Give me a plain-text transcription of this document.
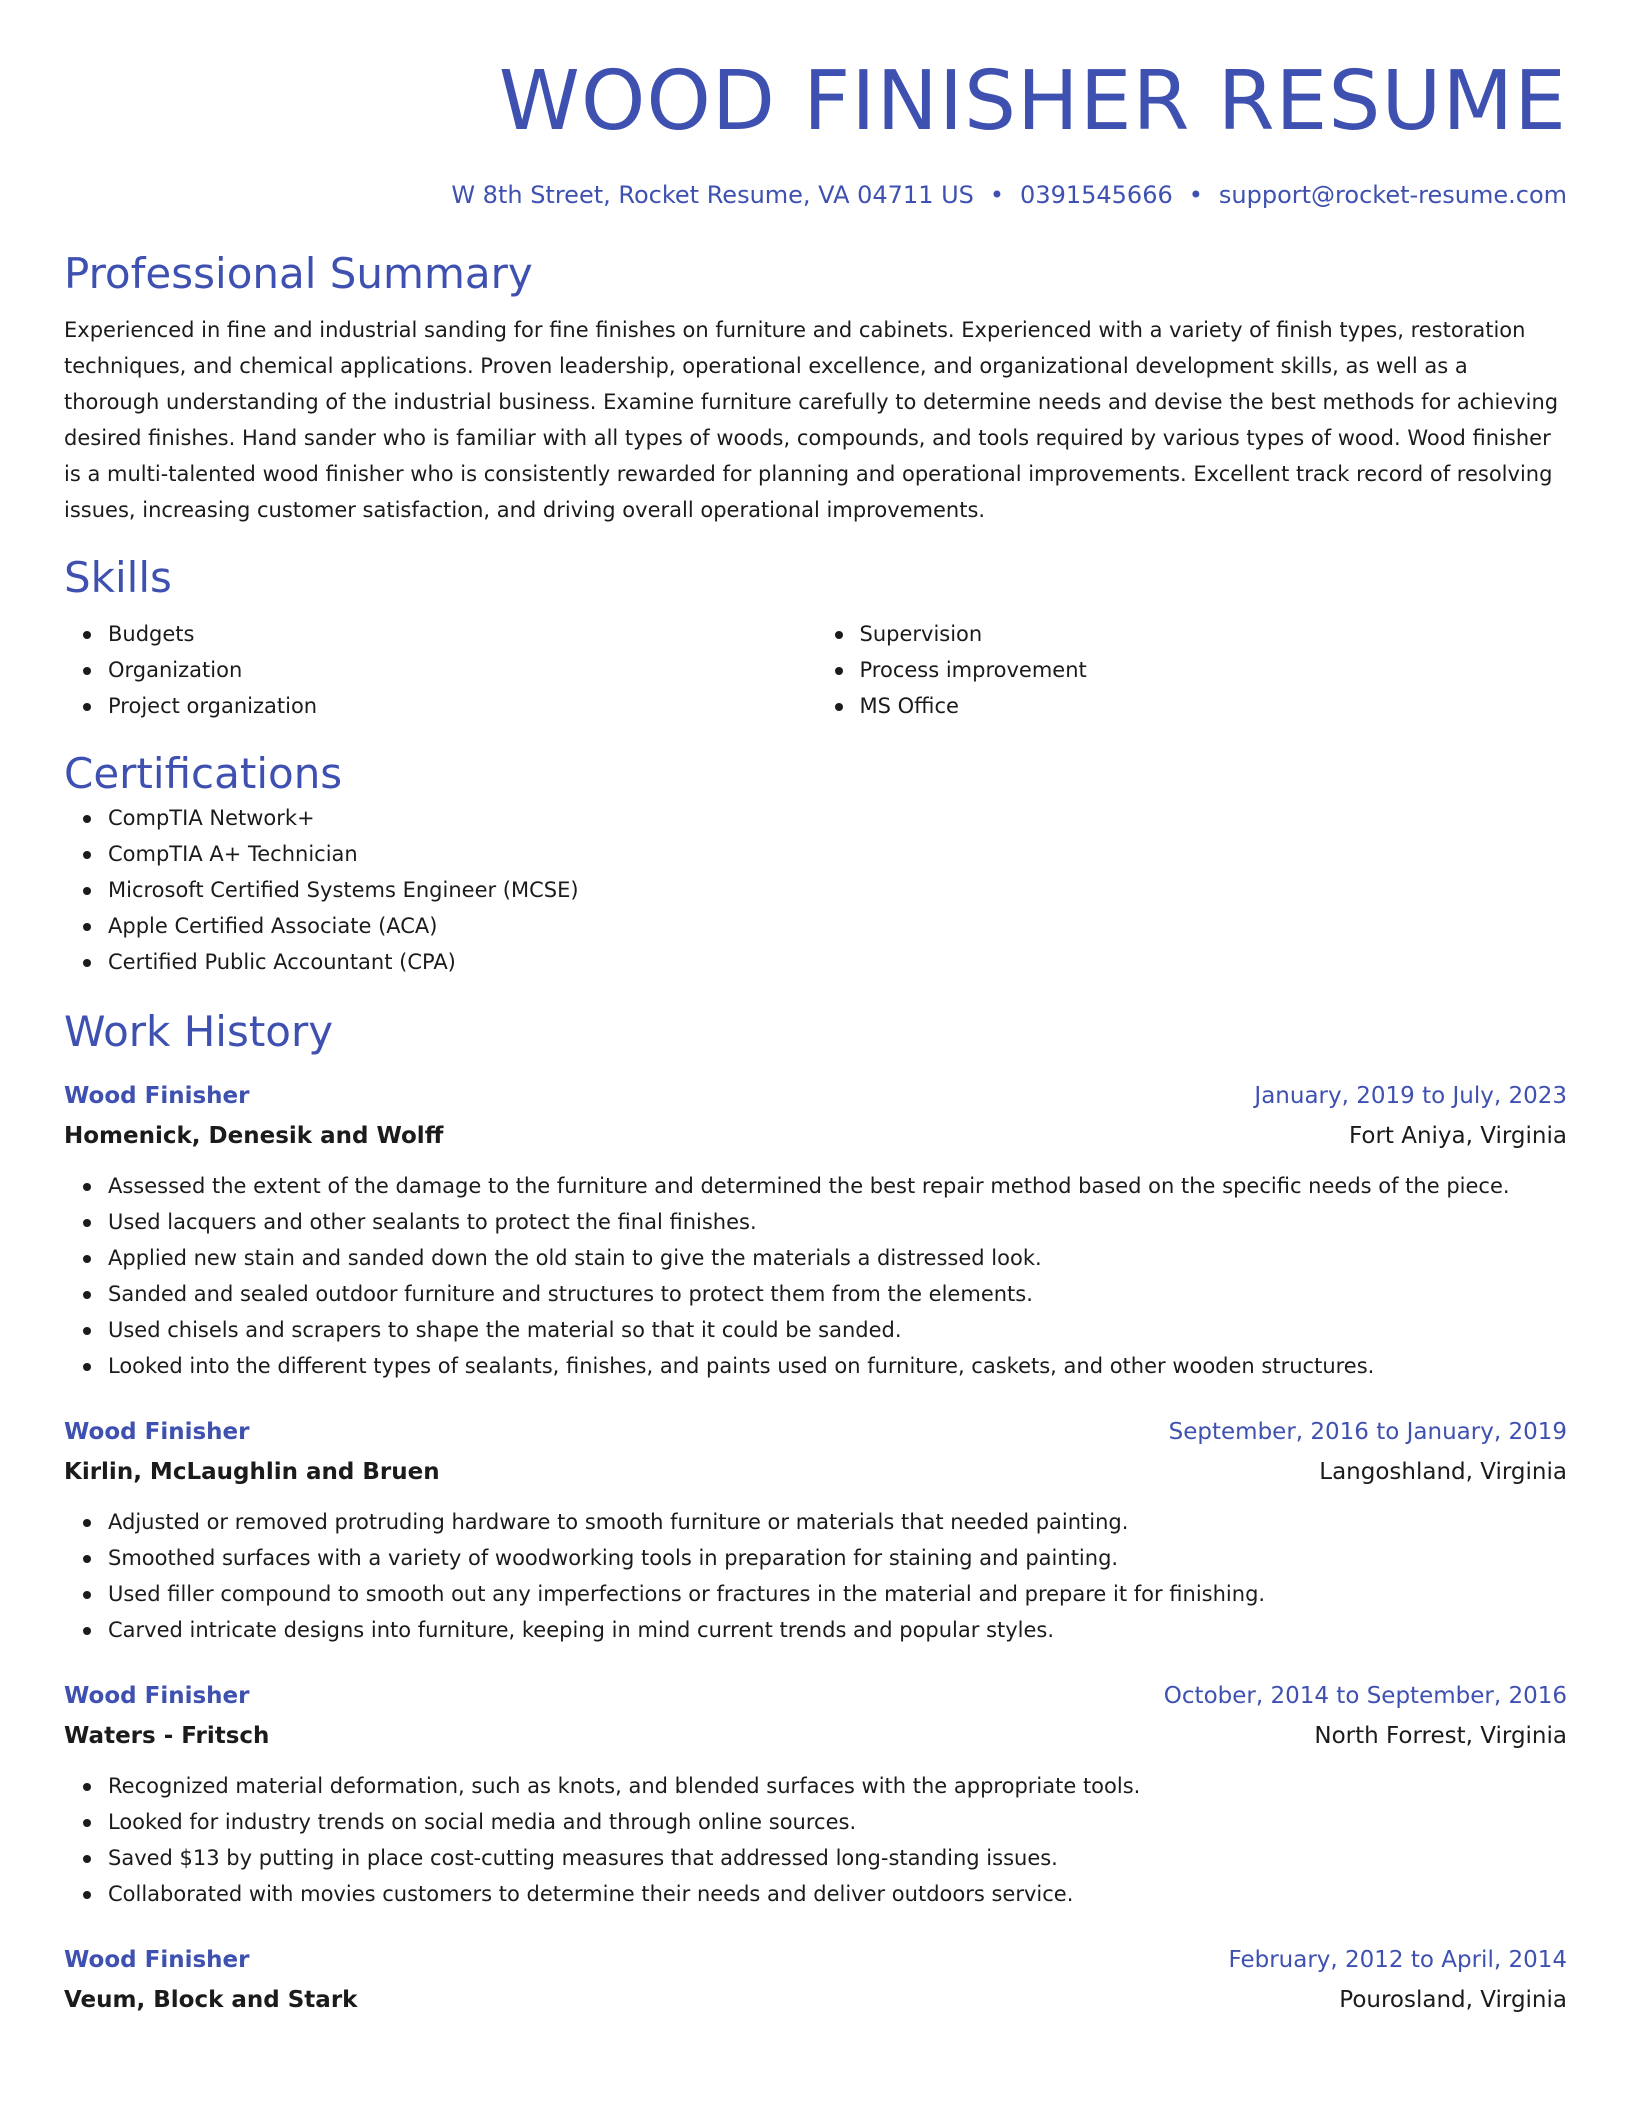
WOOD FINISHER RESUME
W 8th Street, Rocket Resume, VA 04711 US • 0391545666 • support@rocket-resume.com
Professional Summary
Experienced in fine and industrial sanding for fine finishes on furniture and cabinets. Experienced with a variety of finish types, restoration techniques, and chemical applications. Proven leadership, operational excellence, and organizational development skills, as well as a thorough understanding of the industrial business. Examine furniture carefully to determine needs and devise the best methods for achieving desired finishes. Hand sander who is familiar with all types of woods, compounds, and tools required by various types of wood. Wood finisher is a multi-talented wood finisher who is consistently rewarded for planning and operational improvements. Excellent track record of resolving issues, increasing customer satisfaction, and driving overall operational improvements.
Skills
Budgets
Organization
Project organization
Supervision
Process improvement
MS Office
Certifications
CompTIA Network+
CompTIA A+ Technician
Microsoft Certified Systems Engineer (MCSE)
Apple Certified Associate (ACA)
Certified Public Accountant (CPA)
Work History
Wood Finisher	January, 2019 to July, 2023
Homenick, Denesik and Wolff	Fort Aniya, Virginia
Assessed the extent of the damage to the furniture and determined the best repair method based on the specific needs of the piece.
Used lacquers and other sealants to protect the final finishes.
Applied new stain and sanded down the old stain to give the materials a distressed look.
Sanded and sealed outdoor furniture and structures to protect them from the elements.
Used chisels and scrapers to shape the material so that it could be sanded.
Looked into the different types of sealants, finishes, and paints used on furniture, caskets, and other wooden structures.
Wood Finisher	September, 2016 to January, 2019
Kirlin, McLaughlin and Bruen	Langoshland, Virginia
Adjusted or removed protruding hardware to smooth furniture or materials that needed painting.
Smoothed surfaces with a variety of woodworking tools in preparation for staining and painting.
Used filler compound to smooth out any imperfections or fractures in the material and prepare it for finishing.
Carved intricate designs into furniture, keeping in mind current trends and popular styles.
Wood Finisher	October, 2014 to September, 2016
Waters - Fritsch	North Forrest, Virginia
Recognized material deformation, such as knots, and blended surfaces with the appropriate tools.
Looked for industry trends on social media and through online sources.
Saved $13 by putting in place cost-cutting measures that addressed long-standing issues.
Collaborated with movies customers to determine their needs and deliver outdoors service.
Wood Finisher	February, 2012 to April, 2014
Veum, Block and Stark	Pourosland, Virginia
